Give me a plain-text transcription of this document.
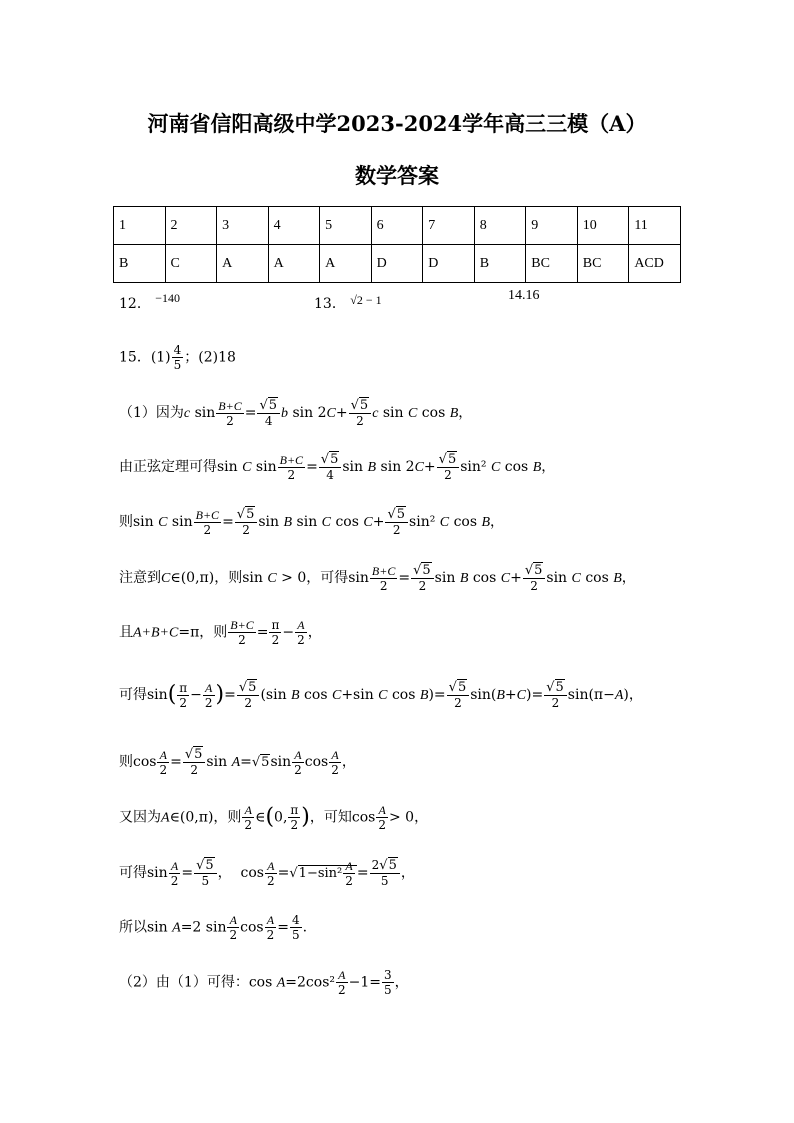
河南省信阳高级中学2023-2024学年高三三模（A）
数学答案
1	2	3	4	5	6	7	8	9	10	11
B	C	A	A	A	D	D	B	BC	BC	ACD
12． −140	13． √2 − 1	14.16
15．$(1) \frac{4}{5}$ ；(2)18
（1）因为c $\sin \frac{B+C}{2} = \frac{√5}{4}$ b $\sin 2C+ \frac{√5}{2}$ c sin C cos B，
由正弦定理可得sin C $\sin \frac{B+C}{2} = \frac{√5}{4}$ sin B $\sin 2C+ \frac{√5}{2} \sin^2$ C cos B，
则sin C $\sin \frac{B+C}{2} = \frac{√5}{2}$ sin B sin C $\cos C+ \frac{√5}{2} \sin^2$ C cos B，
注意到C∈(0,π)，则sin C > 0，可得$\sin \frac{B+C}{2} = \frac{√5}{2}$ sin B $\cos C+ \frac{√5}{2}$ sin C cos B，
且A+B+C=π，则 $\frac{B+C}{2} = \frac{\pi}{2} - \frac{A}{2}$ ，
可得$\sin( \frac{\pi}{2} - \frac{A}{2}$ )= $\frac{√5}{2} (\sin$ B cos C+sin C $\cos B)= \frac{√5}{2} \sin(B+C)= \frac{√5}{2} \sin(\pi-A)$，
则$\cos \frac{A}{2} = \frac{√5}{2}$ $\sin A=√5\sin \frac{A}{2}$ $\cos \frac{A}{2}$ ，
又因为A∈(0,π)，则 $\frac{A}{2}$ ∈(0, $\frac{\pi}{2}$ )，可知$\cos \frac{A}{2} > 0$，
可得$\sin \frac{A}{2} = \frac{√5}{5}$ ，  $\cos \frac{A}{2} =√1-\sin^2 \frac{A}{2} = \frac{2√5}{5}$ ，
所以sin A=2 $\sin \frac{A}{2}$ $\cos \frac{A}{2} = \frac{4}{5}$ .
（2）由（1）可得：$\cos A=2\cos^2 \frac{A}{2} -1= \frac{3}{5}$ ，
